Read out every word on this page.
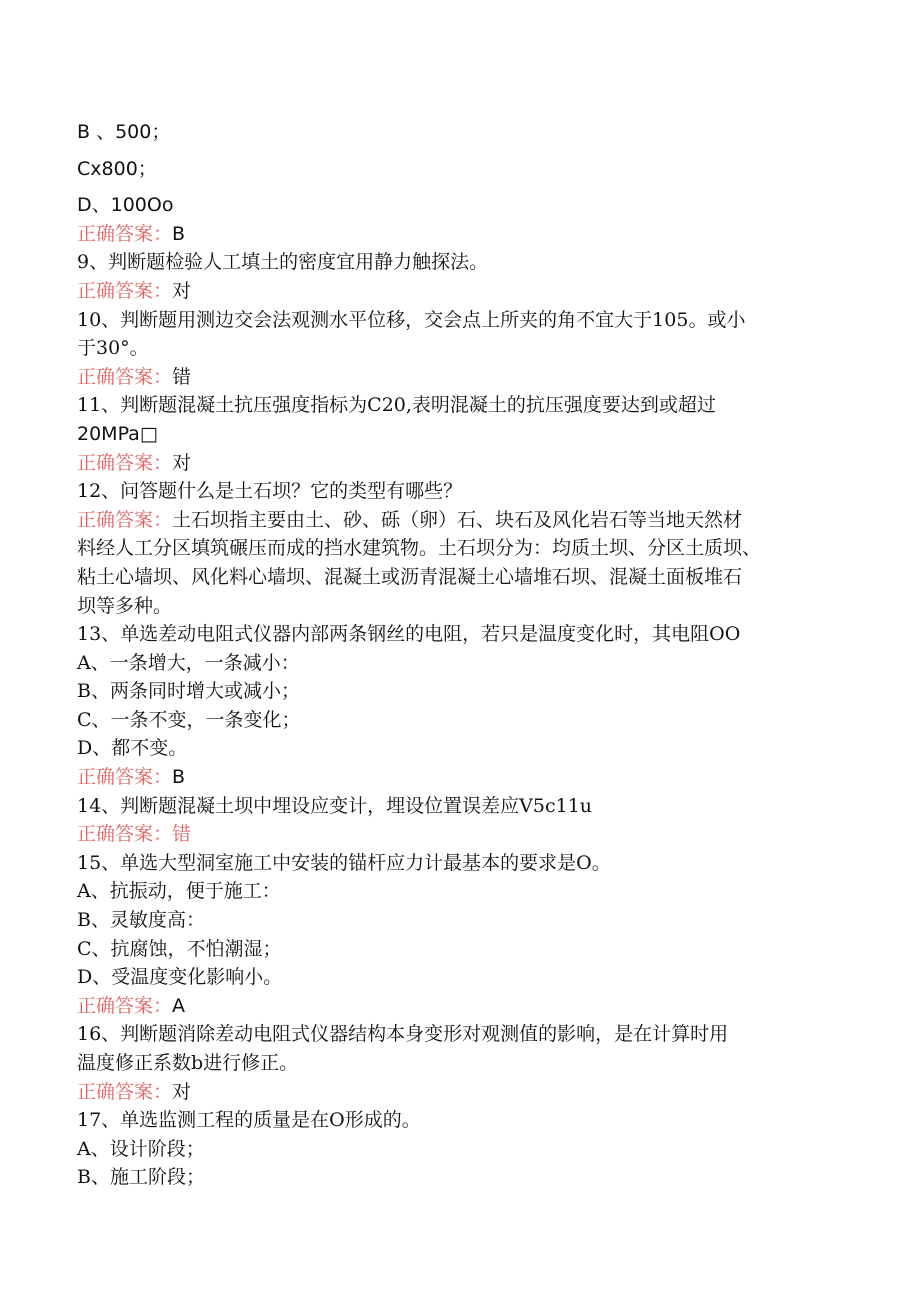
B 、500；

Cx800；

D、100Oo

正确答案：B

9、判断题检验人工填土的密度宜用静力触探法。

正确答案：对

10、判断题用测边交会法观测水平位移，交会点上所夹的角不宜大于105。或小

于30°。

正确答案：错

11、判断题混凝土抗压强度指标为C20,表明混凝土的抗压强度要达到或超过

20MPa□

正确答案：对

12、问答题什么是土石坝？它的类型有哪些？

正确答案：土石坝指主要由土、砂、砾（卵）石、块石及风化岩石等当地天然材

料经人工分区填筑碾压而成的挡水建筑物。土石坝分为：均质土坝、分区土质坝、

粘土心墙坝、风化料心墙坝、混凝土或沥青混凝土心墙堆石坝、混凝土面板堆石

坝等多种。

13、单选差动电阻式仪器内部两条钢丝的电阻，若只是温度变化时，其电阻OO

A、一条增大，一条减小：

B、两条同时增大或减小；

C、一条不变，一条变化；

D、都不变。

正确答案：B

14、判断题混凝土坝中埋设应变计，埋设位置误差应V5c11u

正确答案：错

15、单选大型洞室施工中安装的锚杆应力计最基本的要求是O。

A、抗振动，便于施工：

B、灵敏度高：

C、抗腐蚀，不怕潮湿；

D、受温度变化影响小。

正确答案：A

16、判断题消除差动电阻式仪器结构本身变形对观测值的影响，是在计算时用

温度修正系数b进行修正。

正确答案：对

17、单选监测工程的质量是在O形成的。

A、设计阶段；

B、施工阶段；
